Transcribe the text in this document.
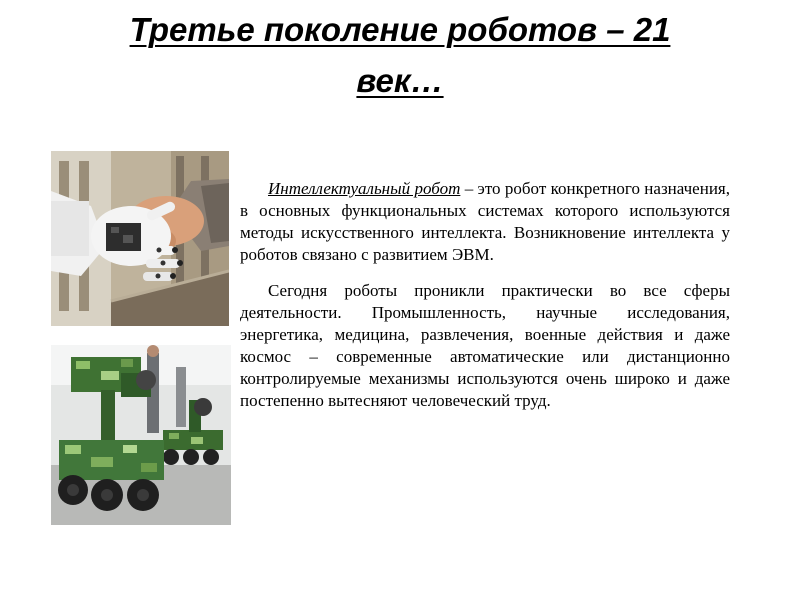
Третье поколение роботов – 21
век…

Интеллектуальный робот – это робот конкретного назначения, в основных функциональных системах которого используются методы искусственного интеллекта. Возникновение интеллекта у роботов связано с развитием ЭВМ.

Сегодня роботы проникли практически во все сферы деятельности. Промышленность, научные исследования, энергетика, медицина, развлечения, военные действия и даже космос – современные автоматические или дистанционно контролируемые механизмы используются очень широко и даже постепенно вытесняют человеческий труд.
